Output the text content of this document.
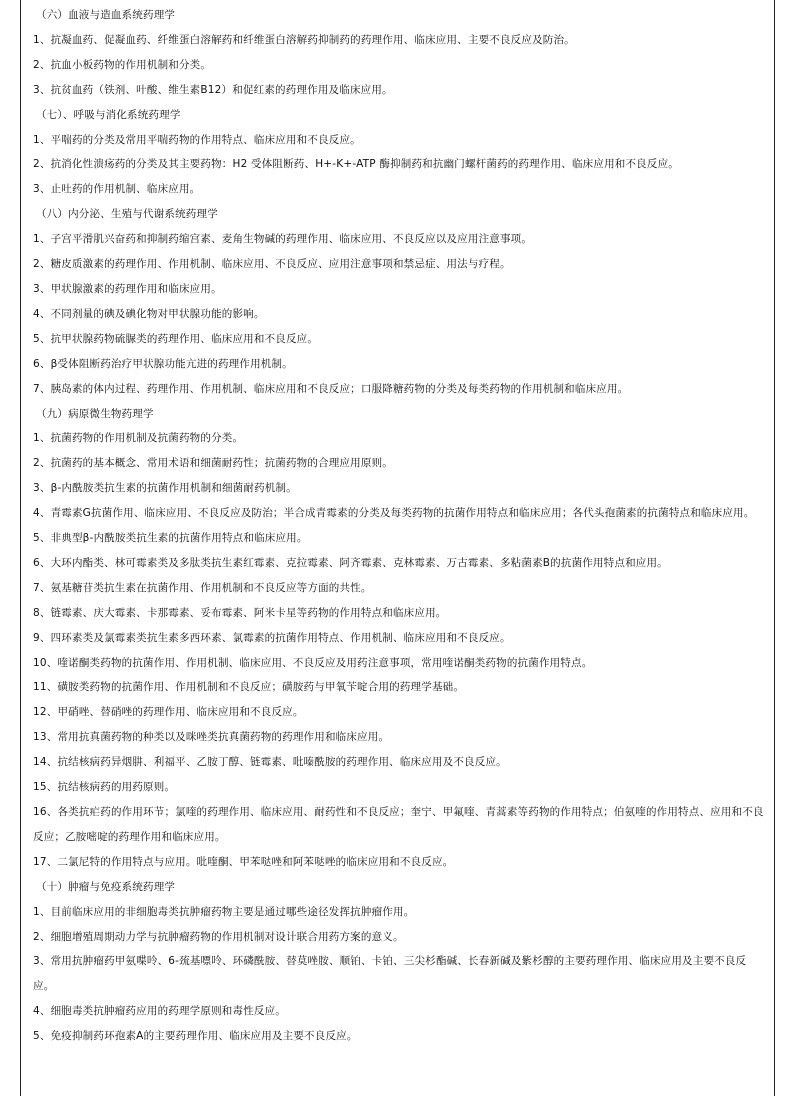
（六）血液与造血系统药理学
1、抗凝血药、促凝血药、纤维蛋白溶解药和纤维蛋白溶解药抑制药的药理作用、临床应用、主要不良反应及防治。
2、抗血小板药物的作用机制和分类。
3、抗贫血药（铁剂、叶酸、维生素B12）和促红素的药理作用及临床应用。
（七）、呼吸与消化系统药理学
1、平喘药的分类及常用平喘药物的作用特点、临床应用和不良反应。
2、抗消化性溃疡药的分类及其主要药物：H2 受体阻断药、H+-K+-ATP 酶抑制药和抗幽门螺杆菌药的药理作用、临床应用和不良反应。
3、止吐药的作用机制、临床应用。
（八）内分泌、生殖与代谢系统药理学
1、子宫平滑肌兴奋药和抑制药缩宫素、麦角生物碱的药理作用、临床应用、不良反应以及应用注意事项。
2、糖皮质激素的药理作用、作用机制、临床应用、不良反应、应用注意事项和禁忌症、用法与疗程。
3、甲状腺激素的药理作用和临床应用。
4、不同剂量的碘及碘化物对甲状腺功能的影响。
5、抗甲状腺药物硫脲类的药理作用、临床应用和不良反应。
6、β受体阻断药治疗甲状腺功能亢进的药理作用机制。
7、胰岛素的体内过程、药理作用、作用机制、临床应用和不良反应；口服降糖药物的分类及每类药物的作用机制和临床应用。
（九）病原微生物药理学
1、抗菌药物的作用机制及抗菌药物的分类。
2、抗菌药的基本概念、常用术语和细菌耐药性；抗菌药物的合理应用原则。
3、β-内酰胺类抗生素的抗菌作用机制和细菌耐药机制。
4、青霉素G抗菌作用、临床应用、不良反应及防治；半合成青霉素的分类及每类药物的抗菌作用特点和临床应用；各代头孢菌素的抗菌特点和临床应用。
5、非典型β-内酰胺类抗生素的抗菌作用特点和临床应用。
6、大环内酯类、林可霉素类及多肽类抗生素红霉素、克拉霉素、阿齐霉素、克林霉素、万古霉素、多粘菌素B的抗菌作用特点和应用。
7、氨基糖苷类抗生素在抗菌作用、作用机制和不良反应等方面的共性。
8、链霉素、庆大霉素、卡那霉素、妥布霉素、阿米卡星等药物的作用特点和临床应用。
9、四环素类及氯霉素类抗生素多西环素、氯霉素的抗菌作用特点、作用机制、临床应用和不良反应。
10、喹诺酮类药物的抗菌作用、作用机制、临床应用、不良反应及用药注意事项，常用喹诺酮类药物的抗菌作用特点。
11、磺胺类药物的抗菌作用、作用机制和不良反应；磺胺药与甲氧苄啶合用的药理学基础。
12、甲硝唑、替硝唑的药理作用、临床应用和不良反应。
13、常用抗真菌药物的种类以及咪唑类抗真菌药物的药理作用和临床应用。
14、抗结核病药异烟肼、利福平、乙胺丁醇、链霉素、吡嗪酰胺的药理作用、临床应用及不良反应。
15、抗结核病药的用药原则。
16、各类抗疟药的作用环节；氯喹的药理作用、临床应用、耐药性和不良反应；奎宁、甲氟喹、青蒿素等药物的作用特点；伯氨喹的作用特点、应用和不良反应；乙胺嘧啶的药理作用和临床应用。
17、二氯尼特的作用特点与应用。吡喹酮、甲苯哒唑和阿苯哒唑的临床应用和不良反应。
（十）肿瘤与免疫系统药理学
1、目前临床应用的非细胞毒类抗肿瘤药物主要是通过哪些途径发挥抗肿瘤作用。
2、细胞增殖周期动力学与抗肿瘤药物的作用机制对设计联合用药方案的意义。
3、常用抗肿瘤药甲氨喋呤、6-巯基嘌呤、环磷酰胺、替莫唑胺、顺铂、卡铂、三尖杉酯碱、长春新碱及紫杉醇的主要药理作用、临床应用及主要不良反应。
4、细胞毒类抗肿瘤药应用的药理学原则和毒性反应。
5、免疫抑制药环孢素A的主要药理作用、临床应用及主要不良反应。
